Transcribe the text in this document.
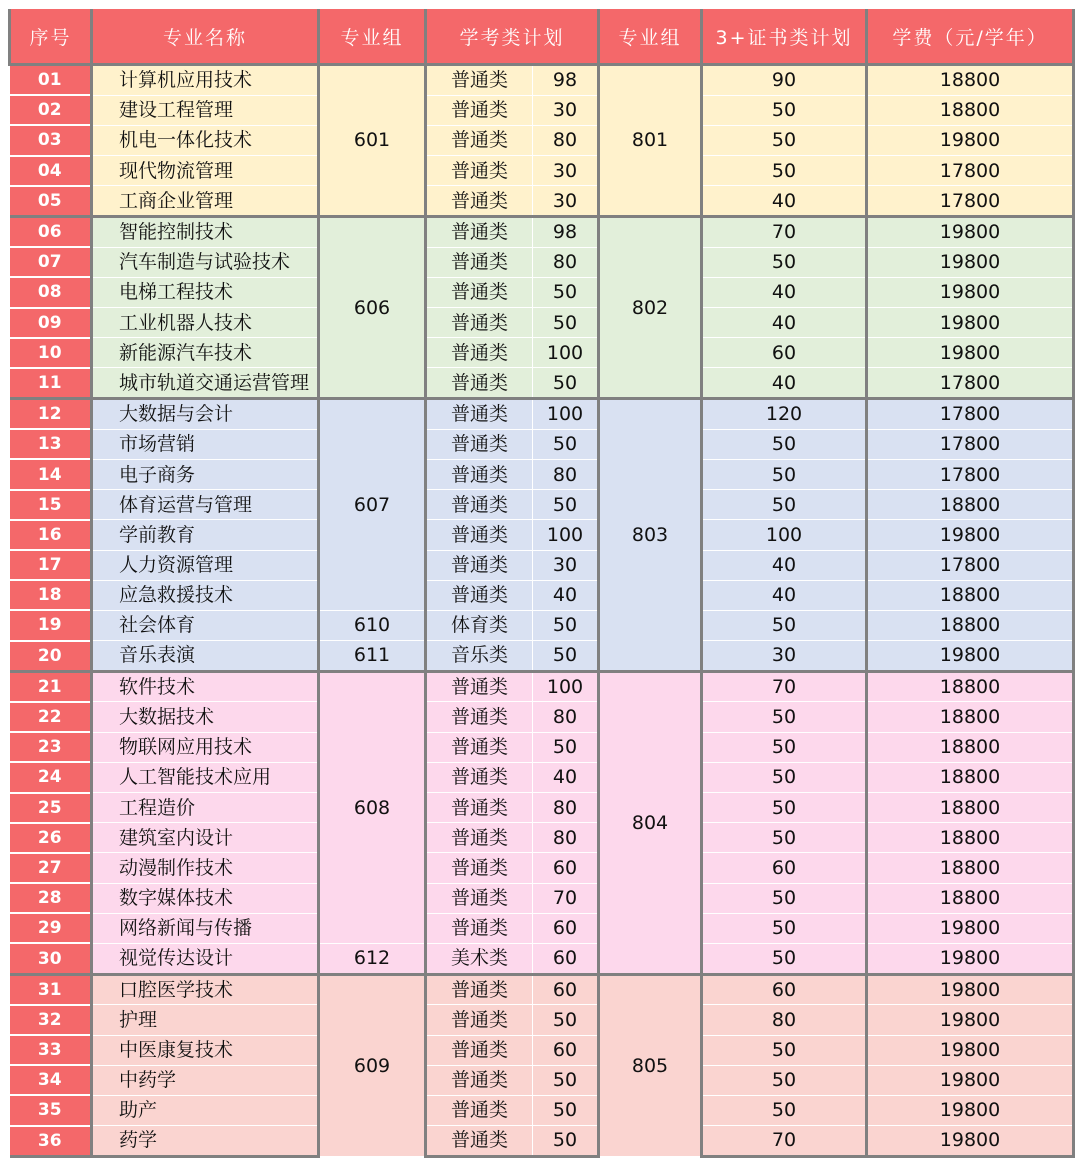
序号	专业名称	专业组	学考类计划		专业组	3+证书类计划	学费（元/学年）
01	计算机应用技术	601	普通类	98	801	90	18800
02	建设工程管理		普通类	30		50	18800
03	机电一体化技术		普通类	80		50	19800
04	现代物流管理		普通类	30		50	17800
05	工商企业管理		普通类	30		40	17800
06	智能控制技术	606	普通类	98	802	70	19800
07	汽车制造与试验技术		普通类	80		50	19800
08	电梯工程技术		普通类	50		40	19800
09	工业机器人技术		普通类	50		40	19800
10	新能源汽车技术		普通类	100		60	19800
11	城市轨道交通运营管理		普通类	50		40	17800
12	大数据与会计	607	普通类	100	803	120	17800
13	市场营销		普通类	50		50	17800
14	电子商务		普通类	80		50	17800
15	体育运营与管理		普通类	50		50	18800
16	学前教育		普通类	100		100	19800
17	人力资源管理		普通类	30		40	17800
18	应急救援技术		普通类	40		40	18800
19	社会体育	610	体育类	50		50	18800
20	音乐表演	611	音乐类	50		30	19800
21	软件技术	608	普通类	100	804	70	18800
22	大数据技术		普通类	80		50	18800
23	物联网应用技术		普通类	50		50	18800
24	人工智能技术应用		普通类	40		50	18800
25	工程造价		普通类	80		50	18800
26	建筑室内设计		普通类	80		50	18800
27	动漫制作技术		普通类	60		60	18800
28	数字媒体技术		普通类	70		50	18800
29	网络新闻与传播		普通类	60		50	19800
30	视觉传达设计	612	美术类	60		50	19800
31	口腔医学技术	609	普通类	60	805	60	19800
32	护理		普通类	50		80	19800
33	中医康复技术		普通类	60		50	19800
34	中药学		普通类	50		50	19800
35	助产		普通类	50		50	19800
36	药学		普通类	50		70	19800
